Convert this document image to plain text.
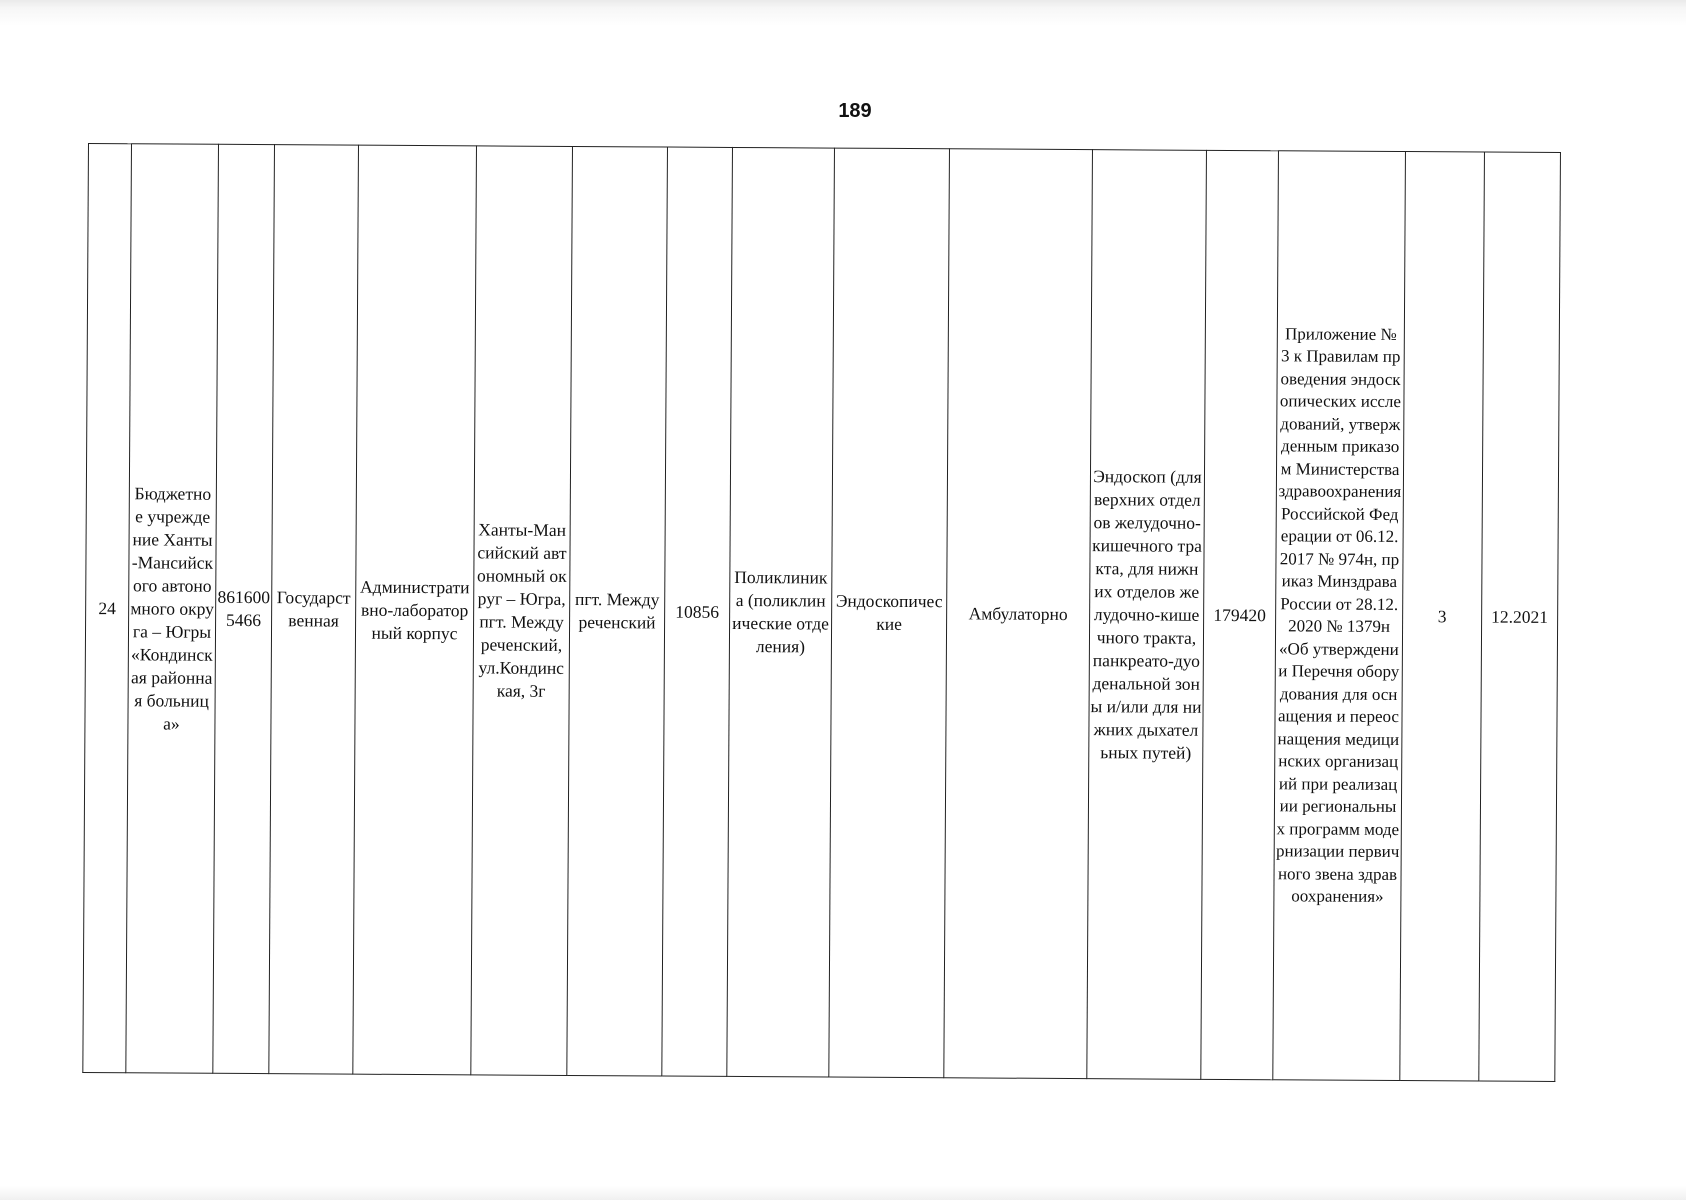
189
24	Бюджетное учреждение Ханты-Мансийского автономного округа – Югры «Кондинская районная больница»	8616005466	Государственная	Административно-лабораторный корпус	Ханты-Мансийский автономный округ – Югра, пгт. Междуреченский, ул.Кондинская, 3г	пгт. Междуреченский	10856	Поликлиника (поликлинические отделения)	Эндоскопические	Амбулаторно	Эндоскоп (для верхних отделов желудочно-кишечного тракта, для нижних отделов желудочно-кишечного тракта, панкреато-дуоденальной зоны и/или для нижних дыхательных путей)	179420	Приложение № 3 к Правилам проведения эндоскопических исследований, утвержденным приказом Министерства здравоохранения Российской Федерации от 06.12.2017 № 974н, приказ Минздрава России от 28.12.2020 № 1379н «Об утверждении Перечня оборудования для оснащения и переоснащения медицинских организаций при реализации региональных программ модернизации первичного звена здравоохранения»	3	12.2021
